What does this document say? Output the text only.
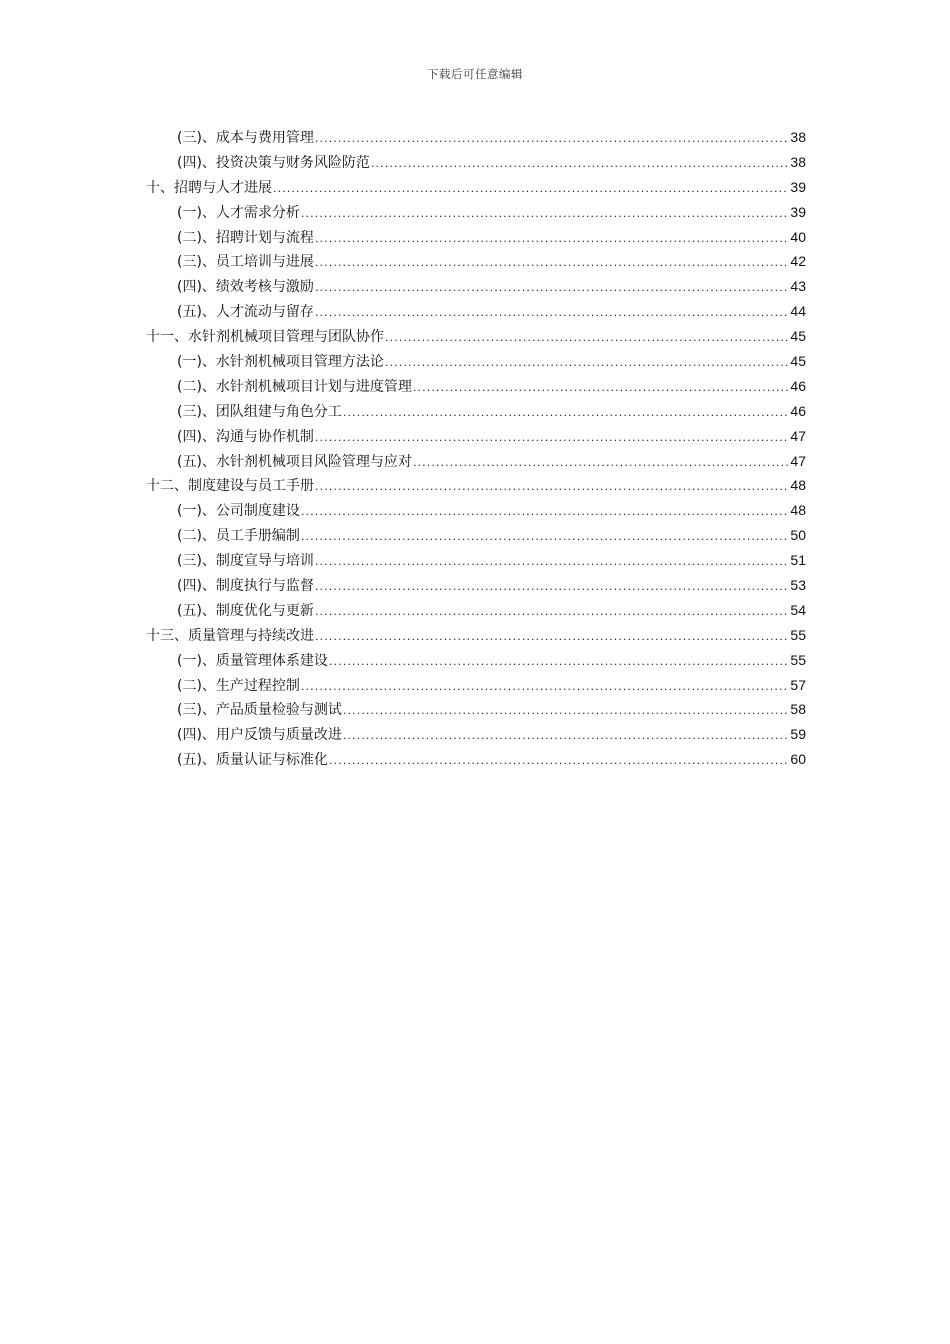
下载后可任意编辑
(三)、成本与费用管理 .....	38
(四)、投资决策与财务风险防范 .....	38
十、招聘与人才进展 .....	39
(一)、人才需求分析 .....	39
(二)、招聘计划与流程 .....	40
(三)、员工培训与进展 .....	42
(四)、绩效考核与激励 .....	43
(五)、人才流动与留存 .....	44
十一、水针剂机械项目管理与团队协作 .....	45
(一)、水针剂机械项目管理方法论 .....	45
(二)、水针剂机械项目计划与进度管理 .....	46
(三)、团队组建与角色分工 .....	46
(四)、沟通与协作机制 .....	47
(五)、水针剂机械项目风险管理与应对 .....	47
十二、制度建设与员工手册 .....	48
(一)、公司制度建设 .....	48
(二)、员工手册编制 .....	50
(三)、制度宣导与培训 .....	51
(四)、制度执行与监督 .....	53
(五)、制度优化与更新 .....	54
十三、质量管理与持续改进 .....	55
(一)、质量管理体系建设 .....	55
(二)、生产过程控制 .....	57
(三)、产品质量检验与测试 .....	58
(四)、用户反馈与质量改进 .....	59
(五)、质量认证与标准化 .....	60
